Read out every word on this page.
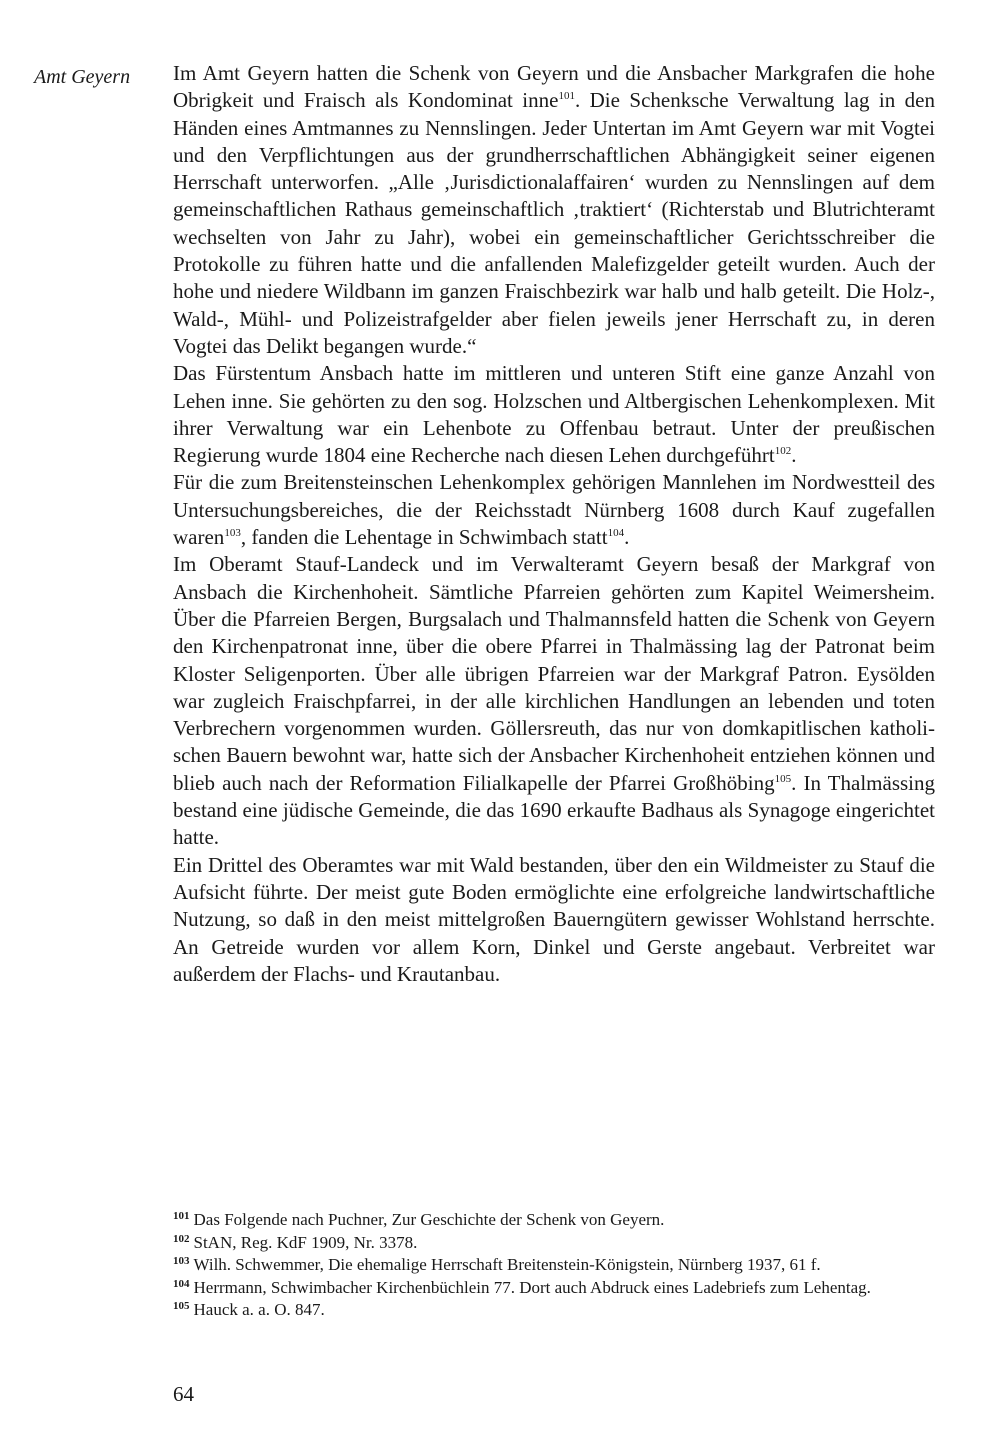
Amt Geyern Im Amt Geyern hatten die Schenk von Geyern und die Ansbacher Markgrafen die hohe Obrigkeit und Fraisch als Kondominat inne$^{101}$. Die Schenksche Verwaltung lag in den Händen eines Amtmannes zu Nennslingen. Jeder Untertan im Amt Geyern war mit Vogtei und den Verpflichtungen aus der grundherrschaftlichen Abhängigkeit seiner eigenen Herrschaft unterworfen. „Alle ‚Jurisdictionalaffairen‘ wurden zu Nennslingen auf dem gemeinschaftlichen Rathaus gemeinschaftlich ‚traktiert‘ (Richterstab und Blutrichteramt wechselten von Jahr zu Jahr), wobei ein gemeinschaftlicher Gerichtsschreiber die Protokolle zu führen hatte und die anfallenden Malefizgelder geteilt wurden. Auch der hohe und niedere Wildbann im ganzen Fraischbezirk war halb und halb geteilt. Die Holz-, Wald-, Mühl- und Polizeistrafgelder aber fielen jeweils jener Herrschaft zu, in deren Vogtei das Delikt begangen wurde.“

Das Fürstentum Ansbach hatte im mittleren und unteren Stift eine ganze Anzahl von Lehen inne. Sie gehörten zu den sog. Holzschen und Altbergischen Lehenkomplexen. Mit ihrer Verwaltung war ein Lehenbote zu Offenbau betraut. Unter der preußischen Regierung wurde 1804 eine Recherche nach diesen Lehen durchgeführt$^{102}$.

Für die zum Breitensteinschen Lehenkomplex gehörigen Mannlehen im Nordwestteil des Untersuchungsbereiches, die der Reichsstadt Nürnberg 1608 durch Kauf zugefallen waren$^{103}$, fanden die Lehentage in Schwimbach statt$^{104}$.

Im Oberamt Stauf-Landeck und im Verwalteramt Geyern besaß der Markgraf von Ansbach die Kirchenhoheit. Sämtliche Pfarreien gehörten zum Kapitel Weimersheim. Über die Pfarreien Bergen, Burgsalach und Thalmannsfeld hatten die Schenk von Geyern den Kirchenpatronat inne, über die obere Pfarrei in Thalmässing lag der Patronat beim Kloster Seligenporten. Über alle übrigen Pfarreien war der Markgraf Patron. Eysölden war zugleich Fraischpfarrei, in der alle kirchlichen Handlungen an lebenden und toten Verbrechern vorgenommen wurden. Göllersreuth, das nur von domkapitlischen katholischen Bauern bewohnt war, hatte sich der Ansbacher Kirchenhoheit entziehen können und blieb auch nach der Reformation Filialkapelle der Pfarrei Großhöbing$^{105}$. In Thalmässing bestand eine jüdische Gemeinde, die das 1690 erkaufte Badhaus als Synagoge eingerichtet hatte.

Ein Drittel des Oberamtes war mit Wald bestanden, über den ein Wildmeister zu Stauf die Aufsicht führte. Der meist gute Boden ermöglichte eine erfolgreiche landwirtschaftliche Nutzung, so daß in den meist mittelgroßen Bauerngütern gewisser Wohlstand herrschte. An Getreide wurden vor allem Korn, Dinkel und Gerste angebaut. Verbreitet war außerdem der Flachs- und Krautanbau.

$^{101}$ Das Folgende nach Puchner, Zur Geschichte der Schenk von Geyern.

$^{102}$ StAN, Reg. KdF 1909, Nr. 3378.

$^{103}$ Wilh. Schwemmer, Die ehemalige Herrschaft Breitenstein-Königstein, Nürnberg 1937, 61 f.

$^{104}$ Herrmann, Schwimbacher Kirchenbüchlein 77. Dort auch Abdruck eines Ladebriefs zum Lehentag.

$^{105}$ Hauck a. a. O. 847.

64
